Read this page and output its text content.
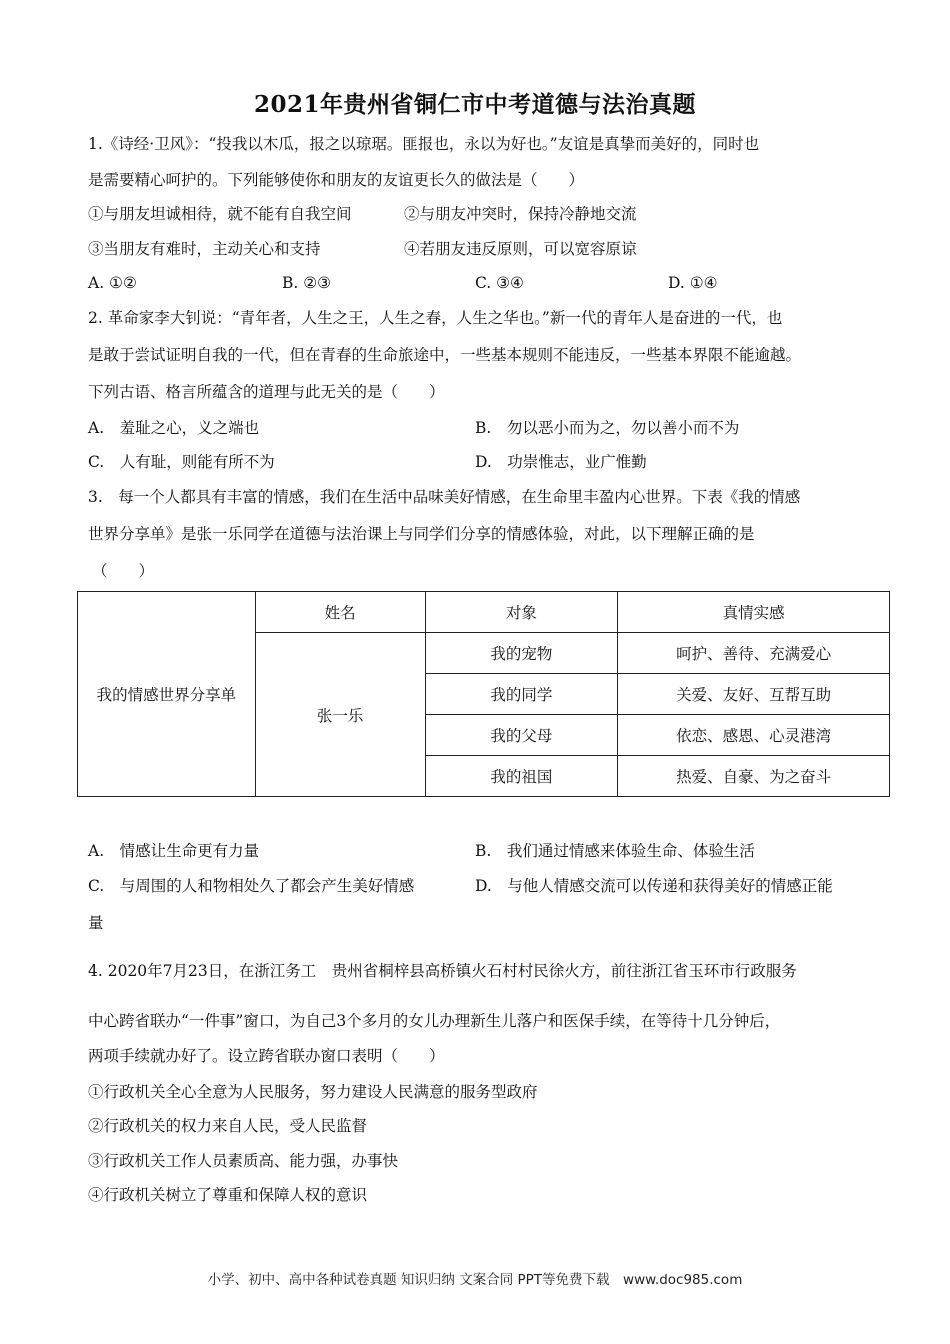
2021年贵州省铜仁市中考道德与法治真题
1.《诗经·卫风》：“投我以木瓜，报之以琼琚。匪报也，永以为好也。”友谊是真挚而美好的，同时也
是需要精心呵护的。下列能够使你和朋友的友谊更长久的做法是（　　）
①与朋友坦诚相待，就不能有自我空间	②与朋友冲突时，保持冷静地交流
③当朋友有难时，主动关心和支持	④若朋友违反原则，可以宽容原谅
A. ①②	B. ②③	C. ③④	D. ①④
2. 革命家李大钊说：“青年者，人生之王，人生之春，人生之华也。”新一代的青年人是奋进的一代，也
是敢于尝试证明自我的一代，但在青春的生命旅途中，一些基本规则不能违反，一些基本界限不能逾越。
下列古语、格言所蕴含的道理与此无关的是（　　）
A.　羞耻之心，义之端也	B.　勿以恶小而为之，勿以善小而不为
C.　人有耻，则能有所不为	D.　功崇惟志，业广惟勤
3.　每一个人都具有丰富的情感，我们在生活中品味美好情感，在生命里丰盈内心世界。下表《我的情感
世界分享单》是张一乐同学在道德与法治课上与同学们分享的情感体验，对此，以下理解正确的是
（　　）
我的情感世界分享单	姓名	对象	真情实感
	张一乐	我的宠物	呵护、善待、充满爱心
		我的同学	关爱、友好、互帮互助
		我的父母	依恋、感恩、心灵港湾
		我的祖国	热爱、自豪、为之奋斗
A.　情感让生命更有力量	B.　我们通过情感来体验生命、体验生活
C.　与周围的人和物相处久了都会产生美好情感	D.　与他人情感交流可以传递和获得美好的情感正能
量
4. 2020年7月23日，在浙江务工　贵州省桐梓县高桥镇火石村村民徐火方，前往浙江省玉环市行政服务
中心跨省联办“一件事”窗口，为自己3个多月的女儿办理新生儿落户和医保手续，在等待十几分钟后，
两项手续就办好了。设立跨省联办窗口表明（　　）
①行政机关全心全意为人民服务，努力建设人民满意的服务型政府
②行政机关的权力来自人民，受人民监督
③行政机关工作人员素质高、能力强，办事快
④行政机关树立了尊重和保障人权的意识
小学、初中、高中各种试卷真题 知识归纳 文案合同 PPT等免费下载　www.doc985.com
